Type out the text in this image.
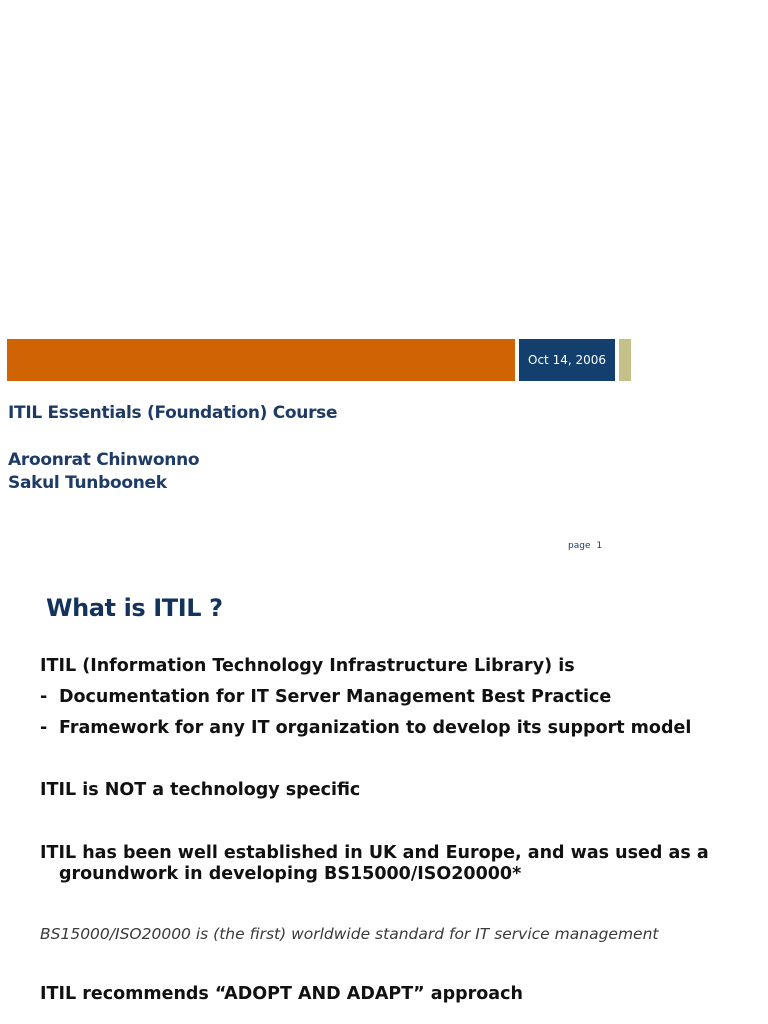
Oct 14, 2006
ITIL Essentials (Foundation) Course
Aroonrat Chinwonno
Sakul Tunboonek
page 1
What is ITIL ?
ITIL (Information Technology Infrastructure Library) is
- Documentation for IT Server Management Best Practice
- Framework for any IT organization to develop its support model
ITIL is NOT a technology specific
ITIL has been well established in UK and Europe, and was used as a
groundwork in developing BS15000/ISO20000*
BS15000/ISO20000 is (the first) worldwide standard for IT service management
ITIL recommends “ADOPT AND ADAPT” approach
